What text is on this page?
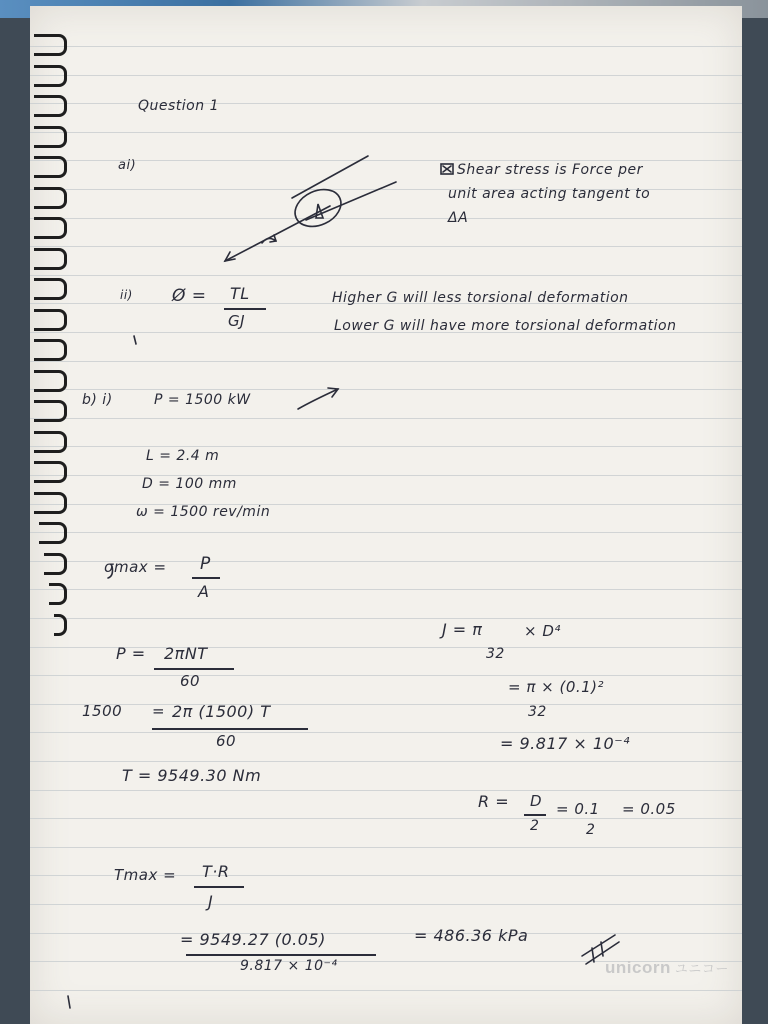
Question 1
ai)	Shear stress is Force per
unit area acting tangent to
ΔA
ii) Ø = TL
GJ
Higher G will less torsional deformation
Lower G will have more torsional deformation
b) i)	P = 1500 kW
L = 2.4 m
D = 100 mm
ω = 1500 rev/min
σmax = P
A
P = 2πNT
60
1500 = 2π (1500) T
60
T = 9549.30 Nm
J = π	× D⁴
32
= π × (0.1)²
32
= 9.817 × 10⁻⁴
R = D
2
= 0.1
2
= 0.05
Tmax = T·R
J
= 9549.27 (0.05)
9.817 × 10⁻⁴
= 486.36 kPa
unicorn ユニコー
